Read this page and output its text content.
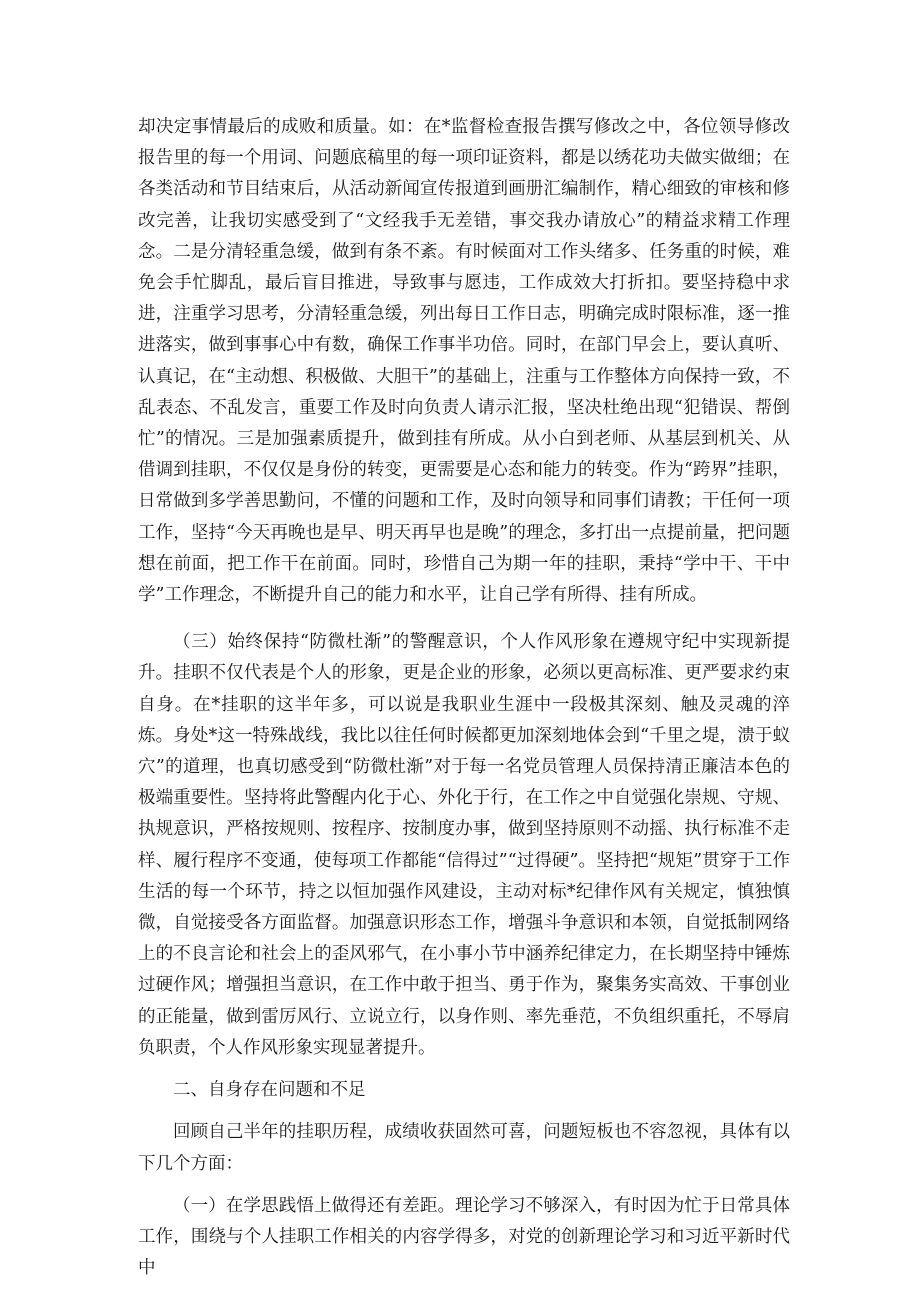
却决定事情最后的成败和质量。如：在*监督检查报告撰写修改之中，各位领导修改报告里的每一个用词、问题底稿里的每一项印证资料，都是以绣花功夫做实做细；在各类活动和节目结束后，从活动新闻宣传报道到画册汇编制作，精心细致的审核和修改完善，让我切实感受到了“文经我手无差错，事交我办请放心”的精益求精工作理念。二是分清轻重急缓，做到有条不紊。有时候面对工作头绪多、任务重的时候，难免会手忙脚乱，最后盲目推进，导致事与愿违，工作成效大打折扣。要坚持稳中求进，注重学习思考，分清轻重急缓，列出每日工作日志，明确完成时限标准，逐一推进落实，做到事事心中有数，确保工作事半功倍。同时，在部门早会上，要认真听、认真记，在“主动想、积极做、大胆干”的基础上，注重与工作整体方向保持一致，不乱表态、不乱发言，重要工作及时向负责人请示汇报，坚决杜绝出现“犯错误、帮倒忙”的情况。三是加强素质提升，做到挂有所成。从小白到老师、从基层到机关、从借调到挂职，不仅仅是身份的转变，更需要是心态和能力的转变。作为“跨界”挂职，日常做到多学善思勤问，不懂的问题和工作，及时向领导和同事们请教；干任何一项工作，坚持“今天再晚也是早、明天再早也是晚”的理念，多打出一点提前量，把问题想在前面，把工作干在前面。同时，珍惜自己为期一年的挂职，秉持“学中干、干中学”工作理念，不断提升自己的能力和水平，让自己学有所得、挂有所成。

（三）始终保持“防微杜渐”的警醒意识，个人作风形象在遵规守纪中实现新提升。挂职不仅代表是个人的形象，更是企业的形象，必须以更高标准、更严要求约束自身。在*挂职的这半年多，可以说是我职业生涯中一段极其深刻、触及灵魂的淬炼。身处*这一特殊战线，我比以往任何时候都更加深刻地体会到“千里之堤，溃于蚁穴”的道理，也真切感受到“防微杜渐”对于每一名党员管理人员保持清正廉洁本色的极端重要性。坚持将此警醒内化于心、外化于行，在工作之中自觉强化崇规、守规、执规意识，严格按规则、按程序、按制度办事，做到坚持原则不动摇、执行标准不走样、履行程序不变通，使每项工作都能“信得过”“过得硬”。坚持把“规矩”贯穿于工作生活的每一个环节，持之以恒加强作风建设，主动对标*纪律作风有关规定，慎独慎微，自觉接受各方面监督。加强意识形态工作，增强斗争意识和本领，自觉抵制网络上的不良言论和社会上的歪风邪气，在小事小节中涵养纪律定力，在长期坚持中锤炼过硬作风；增强担当意识，在工作中敢于担当、勇于作为，聚集务实高效、干事创业的正能量，做到雷厉风行、立说立行，以身作则、率先垂范，不负组织重托，不辱肩负职责，个人作风形象实现显著提升。

二、自身存在问题和不足

回顾自己半年的挂职历程，成绩收获固然可喜，问题短板也不容忽视，具体有以下几个方面：

（一）在学思践悟上做得还有差距。理论学习不够深入，有时因为忙于日常具体工作，围绕与个人挂职工作相关的内容学得多，对党的创新理论学习和习近平新时代中
